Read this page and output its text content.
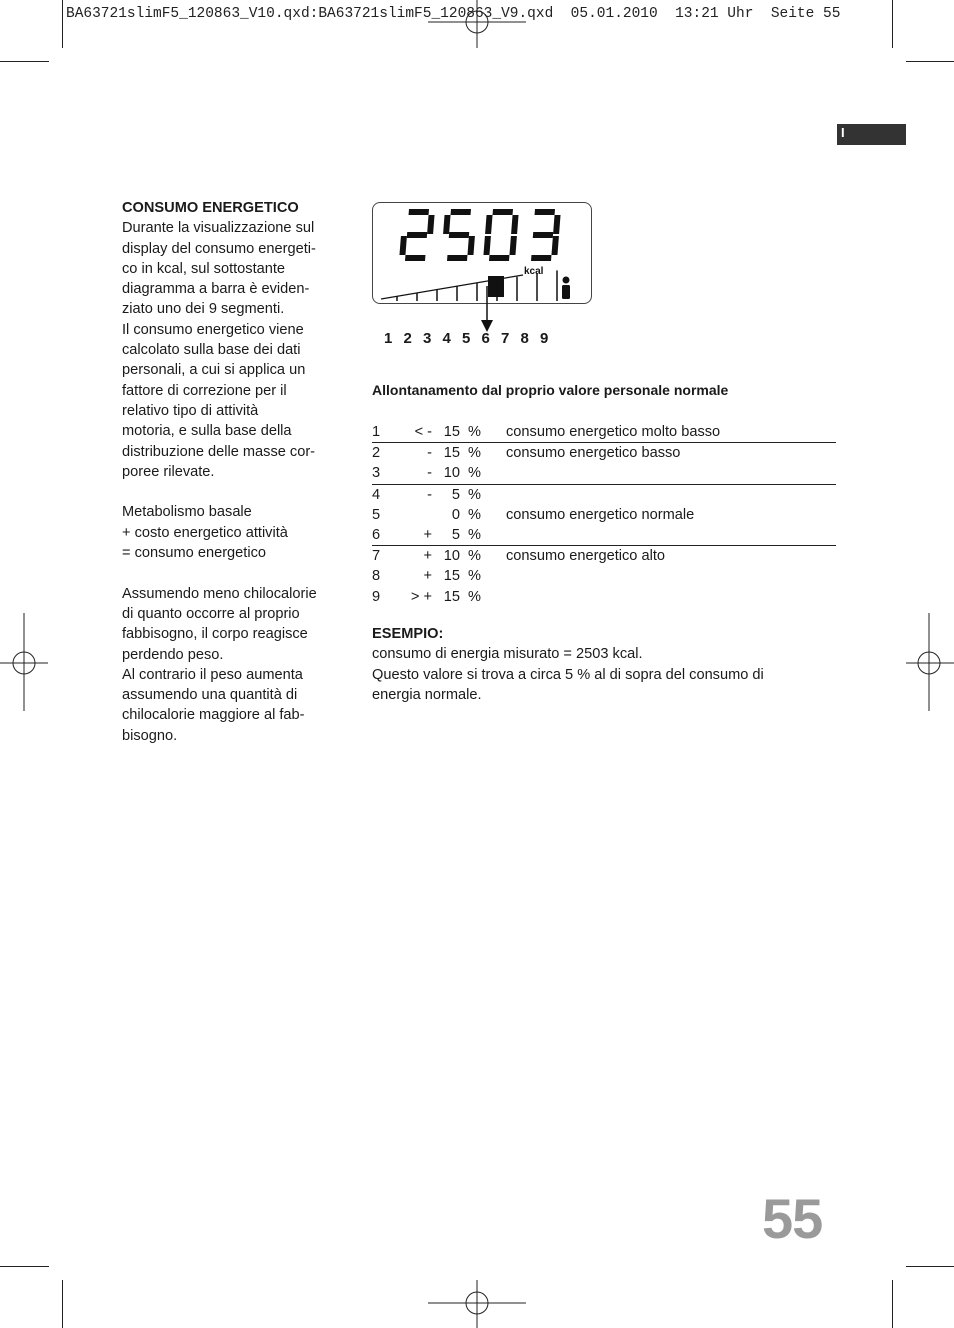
BA63721slimF5_120863_V10.qxd:BA63721slimF5_120863_V9.qxd  05.01.2010  13:21 Uhr  Seite 55
I

CONSUMO ENERGETICO

Durante la visualizzazione sul

display del consumo energeti-

co in kcal, sul sottostante

diagramma a barra è eviden-

ziato uno dei 9 segmenti.

Il consumo energetico viene

calcolato sulla base dei dati

personali, a cui si applica un

fattore di correzione per il

relativo tipo di attività

motoria, e sulla base della

distribuzione delle masse cor-

poree rilevate.

Metabolismo basale

+ costo energetico attività

= consumo energetico

Assumendo meno chilocalorie

di quanto occorre al proprio

fabbisogno, il corpo reagisce

perdendo peso.

Al contrario il peso aumenta

assumendo una quantità di

chilocalorie maggiore al fab-

bisogno.

kcal
1 2 3 4 5 6 7 8 9
Allontanamento dal proprio valore personale normale
1	< -	15	%	consumo energetico molto basso
2	-	15	%	consumo energetico basso
3	-	10	%	
4	-	5	%	
5		0	%	consumo energetico normale
6	+	5	%	
7	+	10	%	consumo energetico alto
8	+	15	%	
9	> +	15	%	

ESEMPIO:

consumo di energia misurato = 2503 kcal.

Questo valore si trova a circa 5 % al di sopra del consumo di

energia normale.

55
